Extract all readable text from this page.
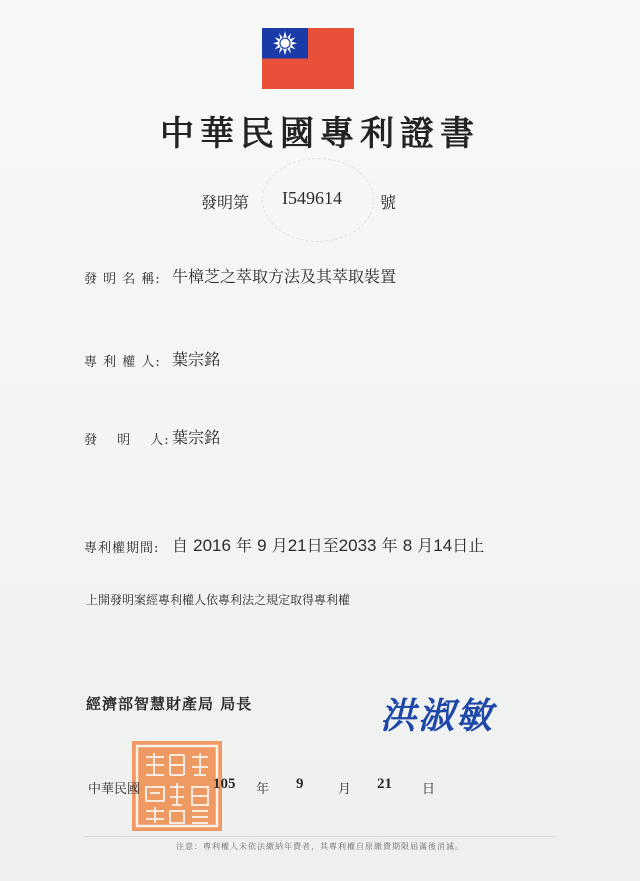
中華民國專利證書
發明第 I549614 號
發 明 名 稱: 牛樟芝之萃取方法及其萃取裝置
專 利 權 人: 葉宗銘
發　 明　 人: 葉宗銘
專利權期間: 自 2016 年 9 月21日至2033 年 8 月14日止
上開發明案經專利權人依專利法之規定取得專利權
經濟部智慧財產局 局長	洪淑敏
中華民國	105 年 9	月 21 日
注意：專利權人未依法繳納年費者，其專利權自原繳費期限屆滿後消滅。
